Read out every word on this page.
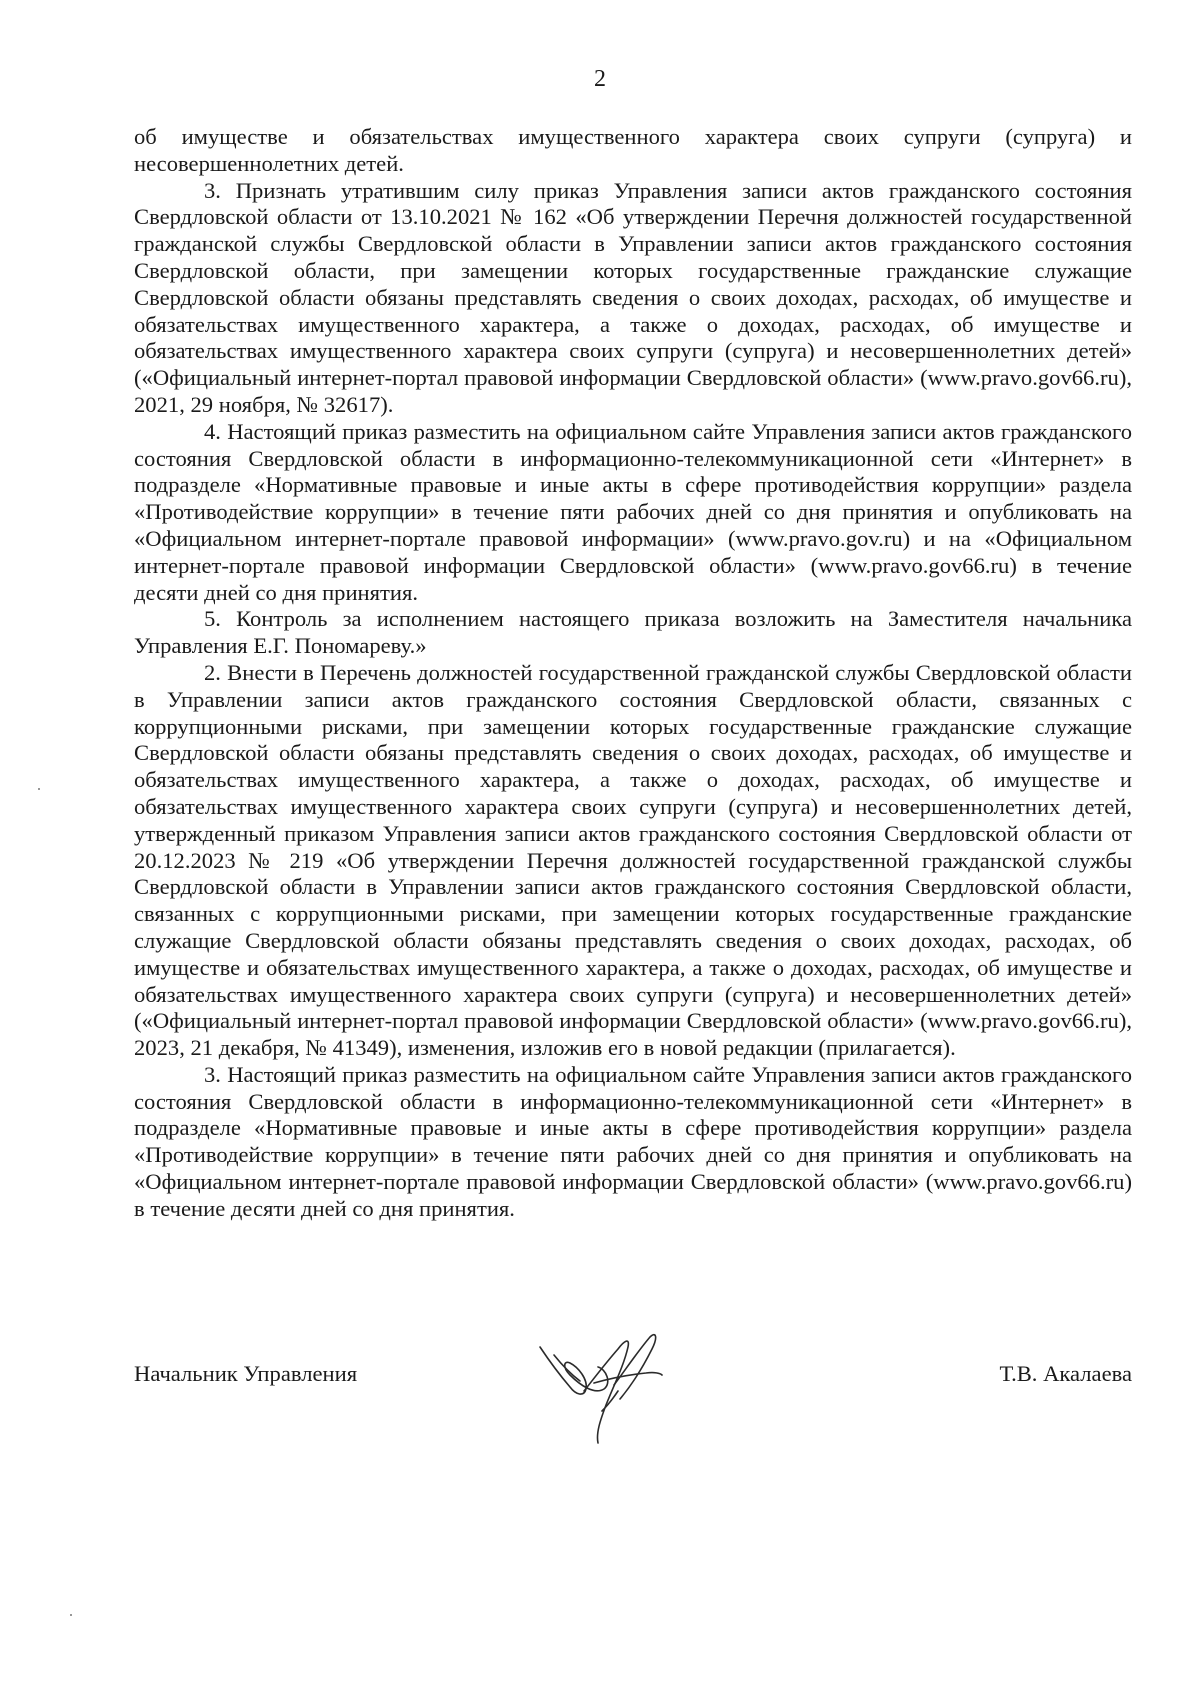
2

об имуществе и обязательствах имущественного характера своих супруги (супруга) и несовершеннолетних детей.

3. Признать утратившим силу приказ Управления записи актов гражданского состояния Свердловской области от 13.10.2021 № 162 «Об утверждении Перечня должностей государственной гражданской службы Свердловской области в Управлении записи актов гражданского состояния Свердловской области, при замещении которых государственные гражданские служащие Свердловской области обязаны представлять сведения о своих доходах, расходах, об имуществе и обязательствах имущественного характера, а также о доходах, расходах, об имуществе и обязательствах имущественного характера своих супруги (супруга) и несовершеннолетних детей» («Официальный интернет-портал правовой информации Свердловской области» (www.pravo.gov66.ru), 2021, 29 ноября, № 32617).

4. Настоящий приказ разместить на официальном сайте Управления записи актов гражданского состояния Свердловской области в информационно-телекоммуникационной сети «Интернет» в подразделе «Нормативные правовые и иные акты в сфере противодействия коррупции» раздела «Противодействие коррупции» в течение пяти рабочих дней со дня принятия и опубликовать на «Официальном интернет-портале правовой информации» (www.pravo.gov.ru) и на «Официальном интернет-портале правовой информации Свердловской области» (www.pravo.gov66.ru) в течение десяти дней со дня принятия.

5. Контроль за исполнением настоящего приказа возложить на Заместителя начальника Управления Е.Г. Пономареву.»

2. Внести в Перечень должностей государственной гражданской службы Свердловской области в Управлении записи актов гражданского состояния Свердловской области, связанных с коррупционными рисками, при замещении которых государственные гражданские служащие Свердловской области обязаны представлять сведения о своих доходах, расходах, об имуществе и обязательствах имущественного характера, а также о доходах, расходах, об имуществе и обязательствах имущественного характера своих супруги (супруга) и несовершеннолетних детей, утвержденный приказом Управления записи актов гражданского состояния Свердловской области от 20.12.2023 № 219 «Об утверждении Перечня должностей государственной гражданской службы Свердловской области в Управлении записи актов гражданского состояния Свердловской области, связанных с коррупционными рисками, при замещении которых государственные гражданские служащие Свердловской области обязаны представлять сведения о своих доходах, расходах, об имуществе и обязательствах имущественного характера, а также о доходах, расходах, об имуществе и обязательствах имущественного характера своих супруги (супруга) и несовершеннолетних детей» («Официальный интернет-портал правовой информации Свердловской области» (www.pravo.gov66.ru), 2023, 21 декабря, № 41349), изменения, изложив его в новой редакции (прилагается).

3. Настоящий приказ разместить на официальном сайте Управления записи актов гражданского состояния Свердловской области в информационно-телекоммуникационной сети «Интернет» в подразделе «Нормативные правовые и иные акты в сфере противодействия коррупции» раздела «Противодействие коррупции» в течение пяти рабочих дней со дня принятия и опубликовать на «Официальном интернет-портале правовой информации Свердловской области» (www.pravo.gov66.ru) в течение десяти дней со дня принятия.

Начальник Управления	Т.В. Акалаева
